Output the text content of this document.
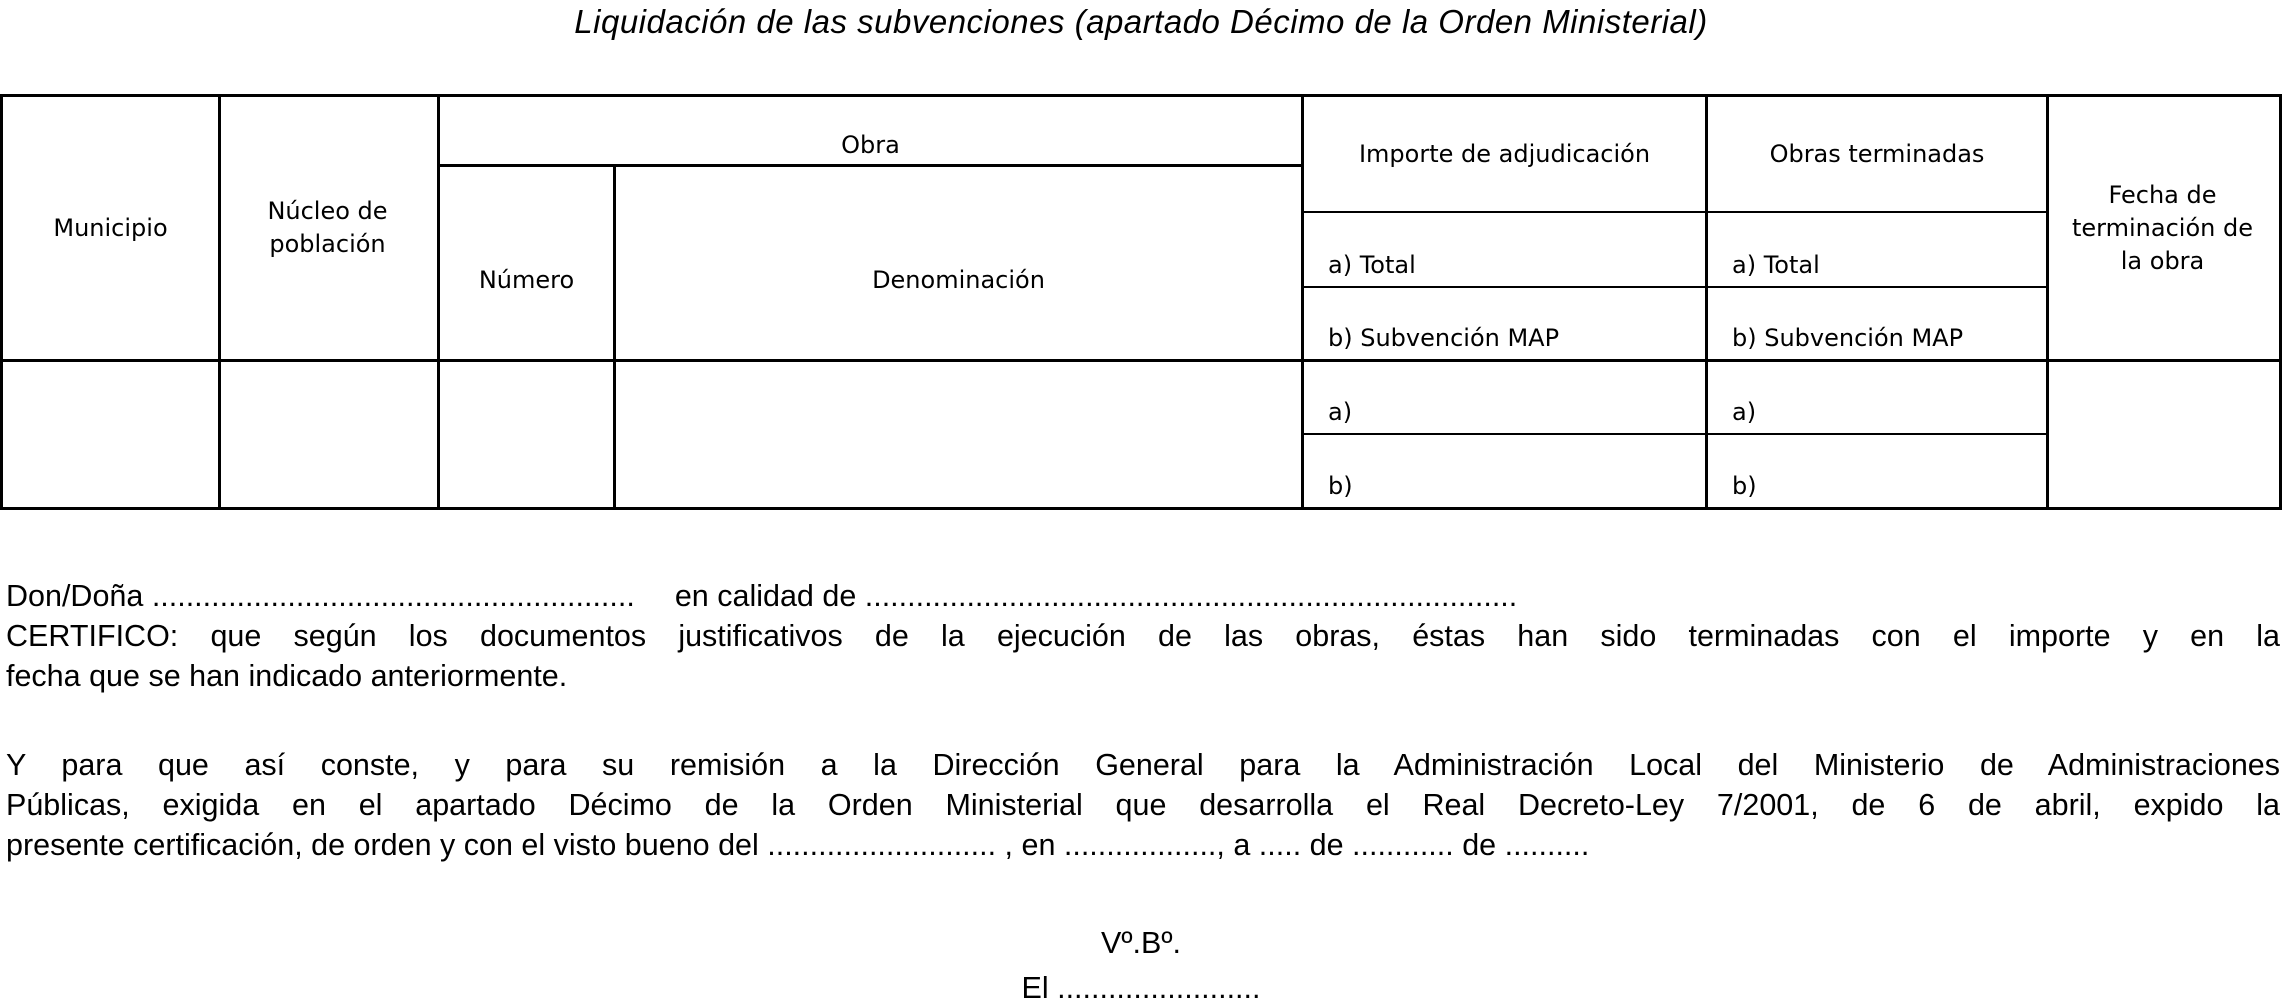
Liquidación de las subvenciones (apartado Décimo de la Orden Ministerial)
Municipio
Núcleo de población
Obra
Número	Denominación
Importe de adjudicación	Obras terminadas
Fecha de terminación de la obra
a) Total
b) Subvención MAP
a) Total
b) Subvención MAP
a)
b)
a)
b)
Don/Doña ......................................................... en calidad de .............................................................................
CERTIFICO: que según los documentos justificativos de la ejecución de las obras, éstas han sido terminadas con el importe y en la
fecha que se han indicado anteriormente.
Y para que así conste, y para su remisión a la Dirección General para la Administración Local del Ministerio de Administraciones
Públicas, exigida en el apartado Décimo de la Orden Ministerial que desarrolla el Real Decreto-Ley 7/2001, de 6 de abril, expido la
presente certificación, de orden y con el visto bueno del ........................... , en .................., a ..... de ............ de ..........
Vº.Bº.
El ........................
